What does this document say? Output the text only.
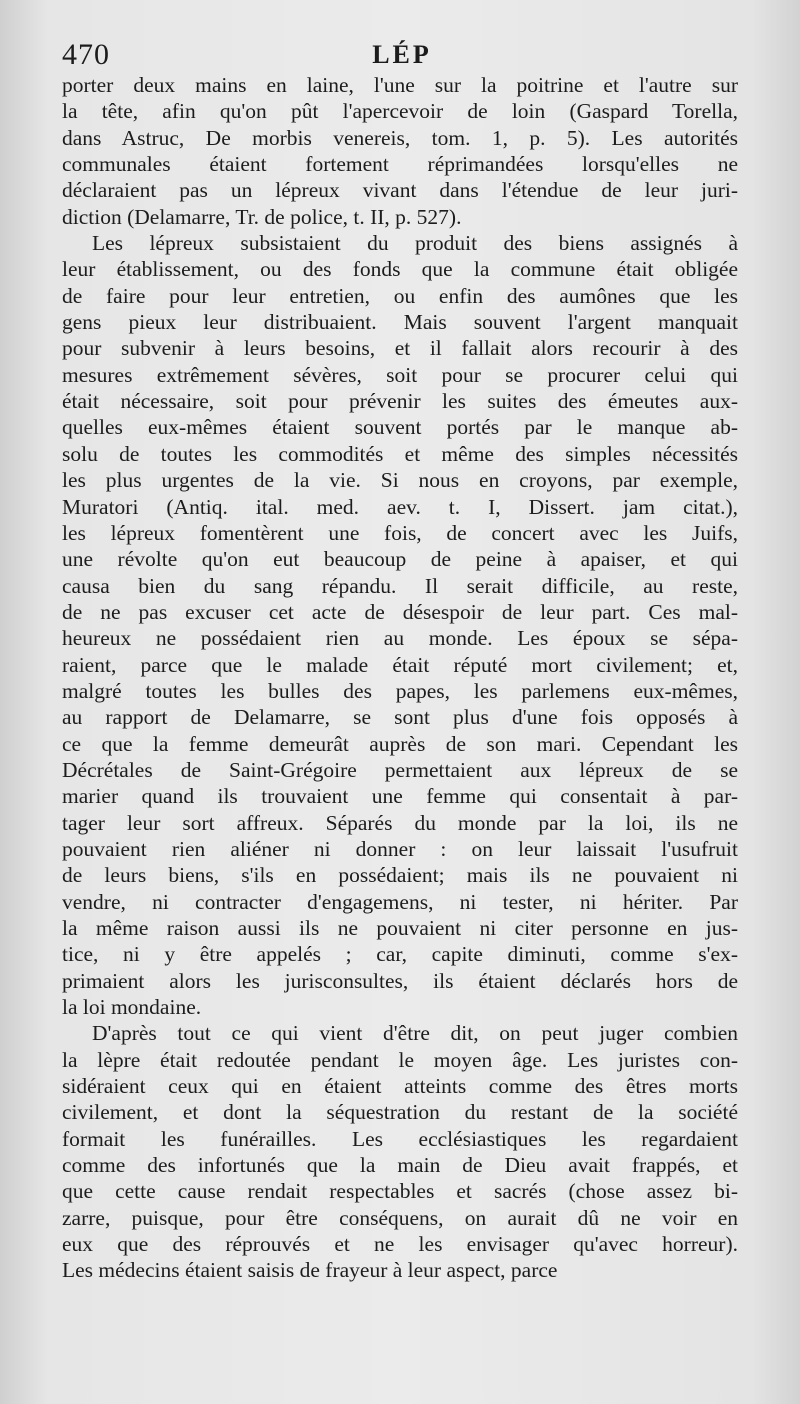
470	LÉP
porter deux mains en laine, l'une sur la poitrine et l'autre sur
la tête, afin qu'on pût l'apercevoir de loin (Gaspard Torella,
dans Astruc, De morbis venereis, tom. 1, p. 5). Les autorités
communales étaient fortement réprimandées lorsqu'elles ne
déclaraient pas un lépreux vivant dans l'étendue de leur juri-
diction (Delamarre, Tr. de police, t. II, p. 527).
Les lépreux subsistaient du produit des biens assignés à
leur établissement, ou des fonds que la commune était obligée
de faire pour leur entretien, ou enfin des aumônes que les
gens pieux leur distribuaient. Mais souvent l'argent manquait
pour subvenir à leurs besoins, et il fallait alors recourir à des
mesures extrêmement sévères, soit pour se procurer celui qui
était nécessaire, soit pour prévenir les suites des émeutes aux-
quelles eux-mêmes étaient souvent portés par le manque ab-
solu de toutes les commodités et même des simples nécessités
les plus urgentes de la vie. Si nous en croyons, par exemple,
Muratori (Antiq. ital. med. aev. t. I, Dissert. jam citat.),
les lépreux fomentèrent une fois, de concert avec les Juifs,
une révolte qu'on eut beaucoup de peine à apaiser, et qui
causa bien du sang répandu. Il serait difficile, au reste,
de ne pas excuser cet acte de désespoir de leur part. Ces mal-
heureux ne possédaient rien au monde. Les époux se sépa-
raient, parce que le malade était réputé mort civilement; et,
malgré toutes les bulles des papes, les parlemens eux-mêmes,
au rapport de Delamarre, se sont plus d'une fois opposés à
ce que la femme demeurât auprès de son mari. Cependant les
Décrétales de Saint-Grégoire permettaient aux lépreux de se
marier quand ils trouvaient une femme qui consentait à par-
tager leur sort affreux. Séparés du monde par la loi, ils ne
pouvaient rien aliéner ni donner : on leur laissait l'usufruit
de leurs biens, s'ils en possédaient; mais ils ne pouvaient ni
vendre, ni contracter d'engagemens, ni tester, ni hériter. Par
la même raison aussi ils ne pouvaient ni citer personne en jus-
tice, ni y être appelés ; car, capite diminuti, comme s'ex-
primaient alors les jurisconsultes, ils étaient déclarés hors de
la loi mondaine.
D'après tout ce qui vient d'être dit, on peut juger combien
la lèpre était redoutée pendant le moyen âge. Les juristes con-
sidéraient ceux qui en étaient atteints comme des êtres morts
civilement, et dont la séquestration du restant de la société
formait les funérailles. Les ecclésiastiques les regardaient
comme des infortunés que la main de Dieu avait frappés, et
que cette cause rendait respectables et sacrés (chose assez bi-
zarre, puisque, pour être conséquens, on aurait dû ne voir en
eux que des réprouvés et ne les envisager qu'avec horreur).
Les médecins étaient saisis de frayeur à leur aspect, parce
